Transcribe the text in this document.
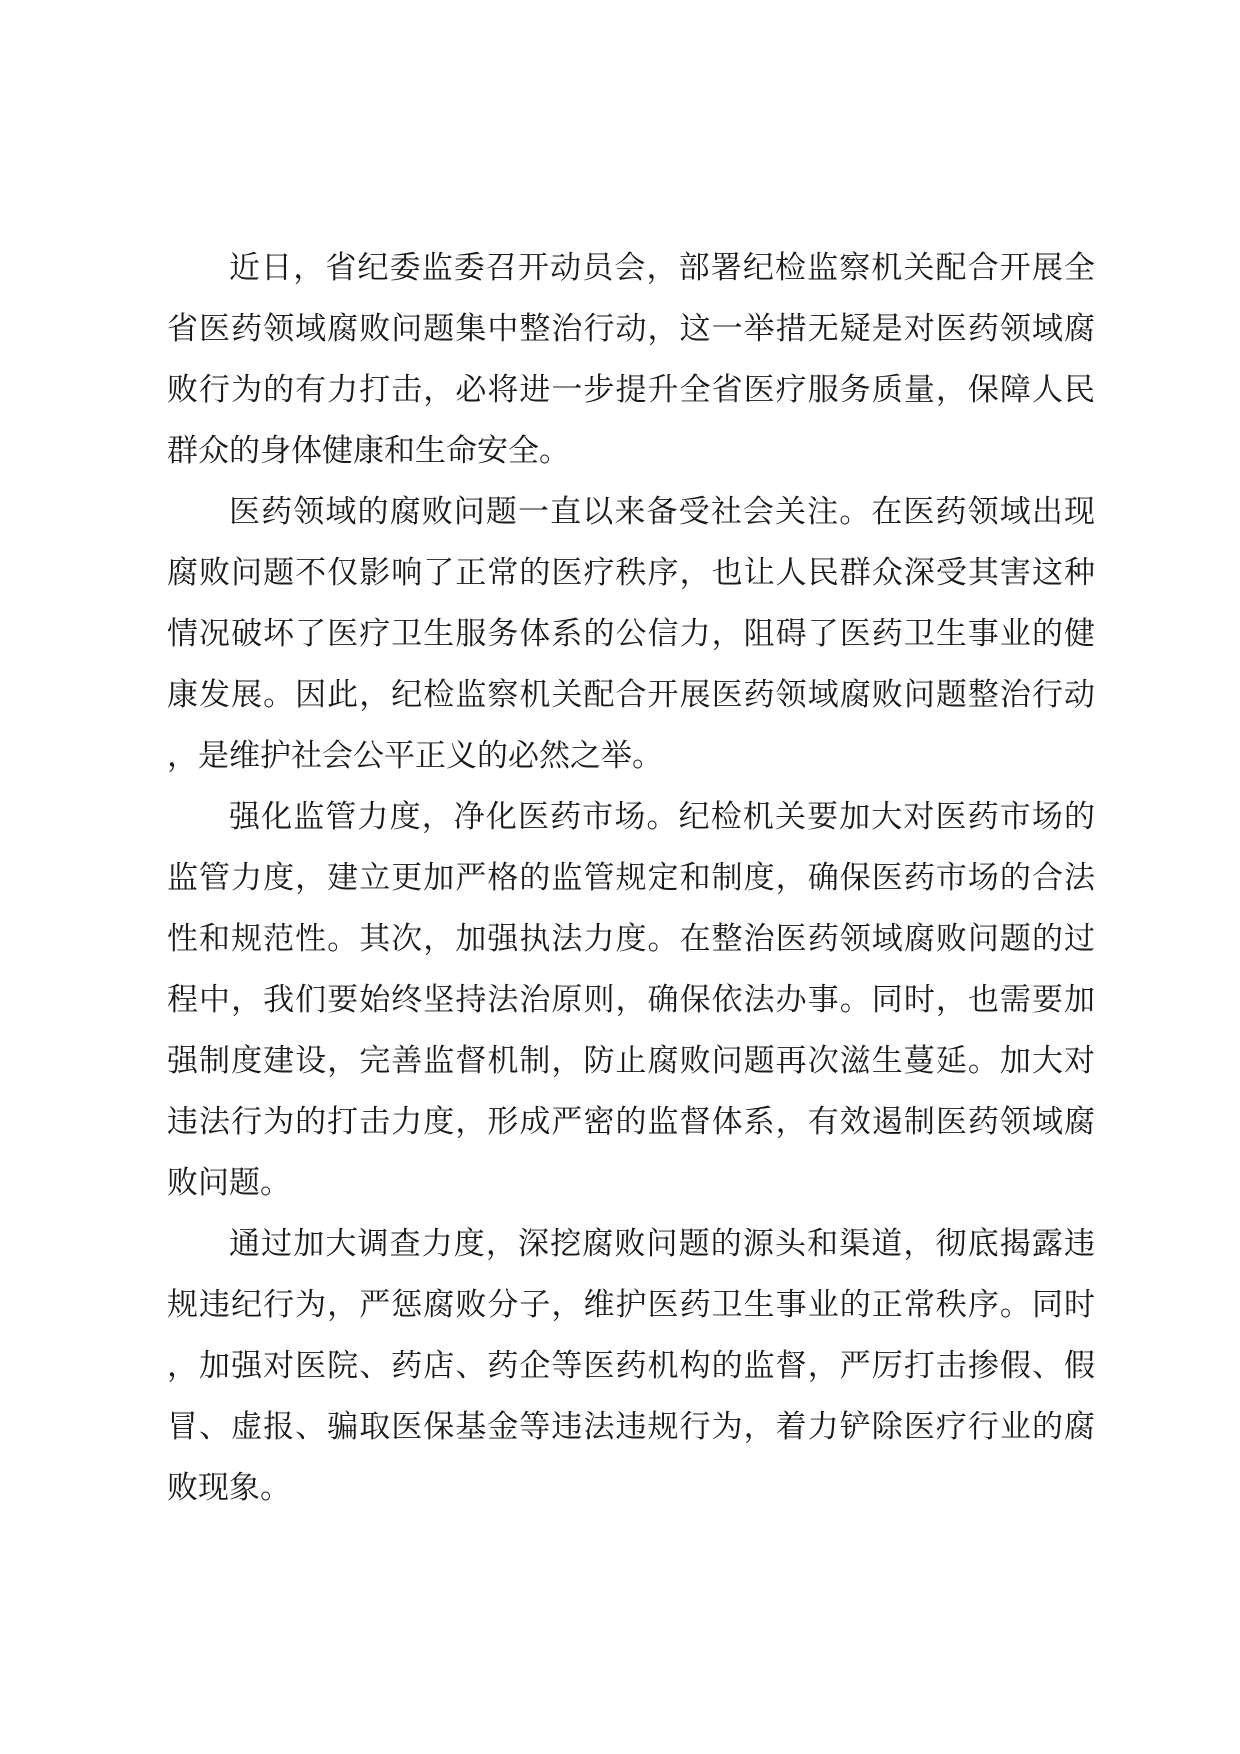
近日，省纪委监委召开动员会，部署纪检监察机关配合开展全省医药领域腐败问题集中整治行动，这一举措无疑是对医药领域腐败行为的有力打击，必将进一步提升全省医疗服务质量，保障人民群众的身体健康和生命安全。

医药领域的腐败问题一直以来备受社会关注。在医药领域出现腐败问题不仅影响了正常的医疗秩序，也让人民群众深受其害这种情况破坏了医疗卫生服务体系的公信力，阻碍了医药卫生事业的健康发展。因此，纪检监察机关配合开展医药领域腐败问题整治行动，是维护社会公平正义的必然之举。

强化监管力度，净化医药市场。纪检机关要加大对医药市场的监管力度，建立更加严格的监管规定和制度，确保医药市场的合法性和规范性。其次，加强执法力度。在整治医药领域腐败问题的过程中，我们要始终坚持法治原则，确保依法办事。同时，也需要加强制度建设，完善监督机制，防止腐败问题再次滋生蔓延。加大对违法行为的打击力度，形成严密的监督体系，有效遏制医药领域腐败问题。

通过加大调查力度，深挖腐败问题的源头和渠道，彻底揭露违规违纪行为，严惩腐败分子，维护医药卫生事业的正常秩序。同时，加强对医院、药店、药企等医药机构的监督，严厉打击掺假、假冒、虚报、骗取医保基金等违法违规行为，着力铲除医疗行业的腐败现象。
